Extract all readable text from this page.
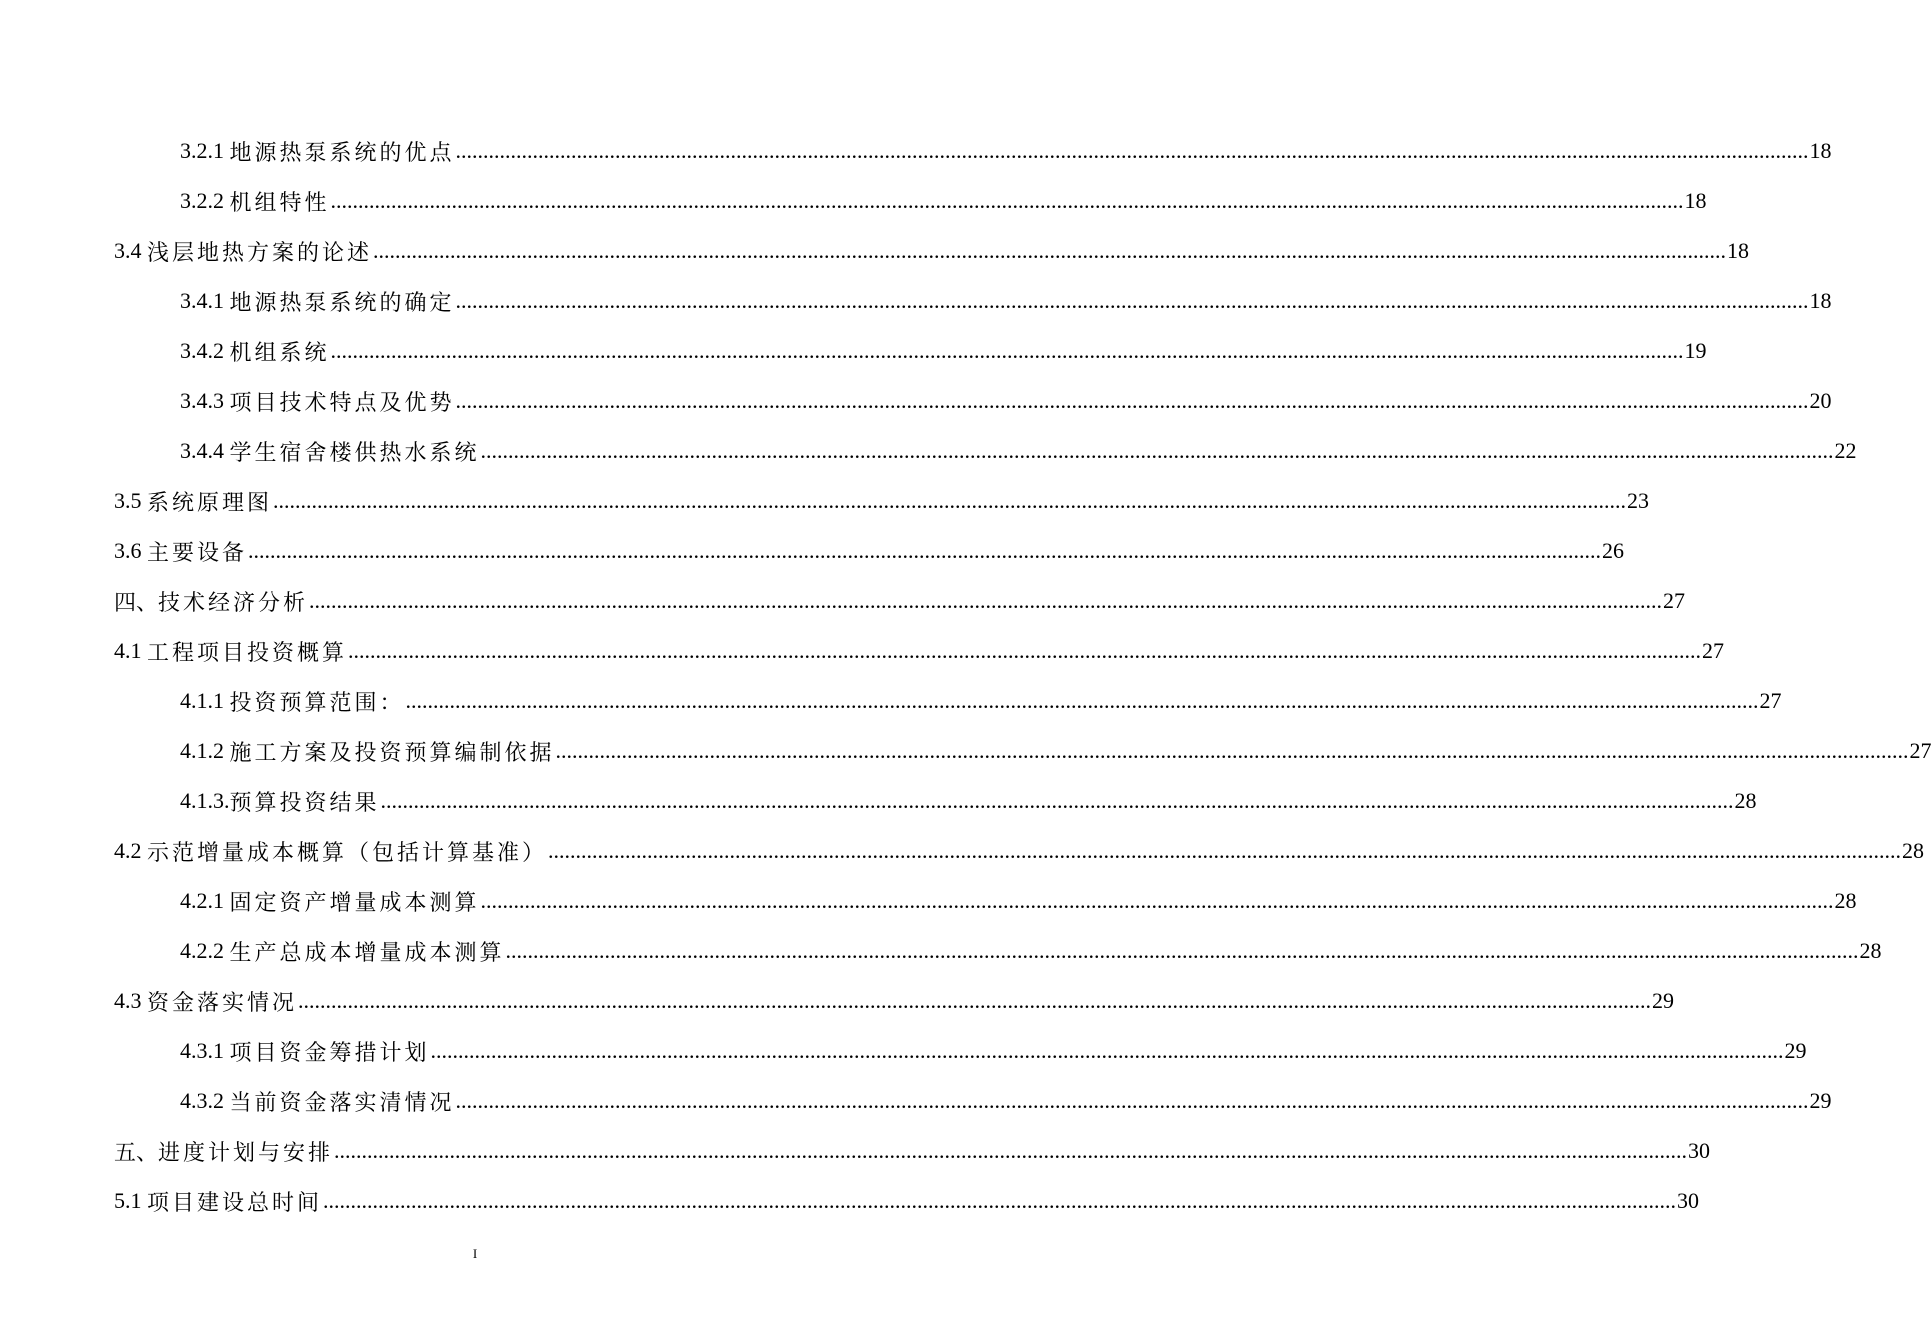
3.2.1
地源热泵系统的优点 ...................................................................................................................................................................................................................................................... 18
3.2.2
机组特性 ...................................................................................................................................................................................................................................................... 18
3.4
浅层地热方案的论述 ...................................................................................................................................................................................................................................................... 18
3.4.1
地源热泵系统的确定 ...................................................................................................................................................................................................................................................... 18
3.4.2
机组系统 ...................................................................................................................................................................................................................................................... 19
3.4.3
项目技术特点及优势 ...................................................................................................................................................................................................................................................... 20
3.4.4
学生宿舍楼供热水系统 ...................................................................................................................................................................................................................................................... 22
3.5
系统原理图 ...................................................................................................................................................................................................................................................... 23
3.6
主要设备 ...................................................................................................................................................................................................................................................... 26
四、 技术经济分析 ...................................................................................................................................................................................................................................................... 27
4.1
工程项目投资概算 ...................................................................................................................................................................................................................................................... 27
4.1.1
投资预算范围： ...................................................................................................................................................................................................................................................... 27
4.1.2
施工方案及投资预算编制依据 ...................................................................................................................................................................................................................................................... 27
4.1.3. 预算投资结果 ...................................................................................................................................................................................................................................................... 28
4.2
示范增量成本概算（包括计算基准） ...................................................................................................................................................................................................................................................... 28
4.2.1
固定资产增量成本测算 ...................................................................................................................................................................................................................................................... 28
4.2.2
生产总成本增量成本测算 ...................................................................................................................................................................................................................................................... 28
4.3
资金落实情况 ...................................................................................................................................................................................................................................................... 29
4.3.1
项目资金筹措计划 ...................................................................................................................................................................................................................................................... 29
4.3.2
当前资金落实清情况 ...................................................................................................................................................................................................................................................... 29
五、 进度计划与安排 ...................................................................................................................................................................................................................................................... 30
5.1
项目建设总时间 ...................................................................................................................................................................................................................................................... 30
I
